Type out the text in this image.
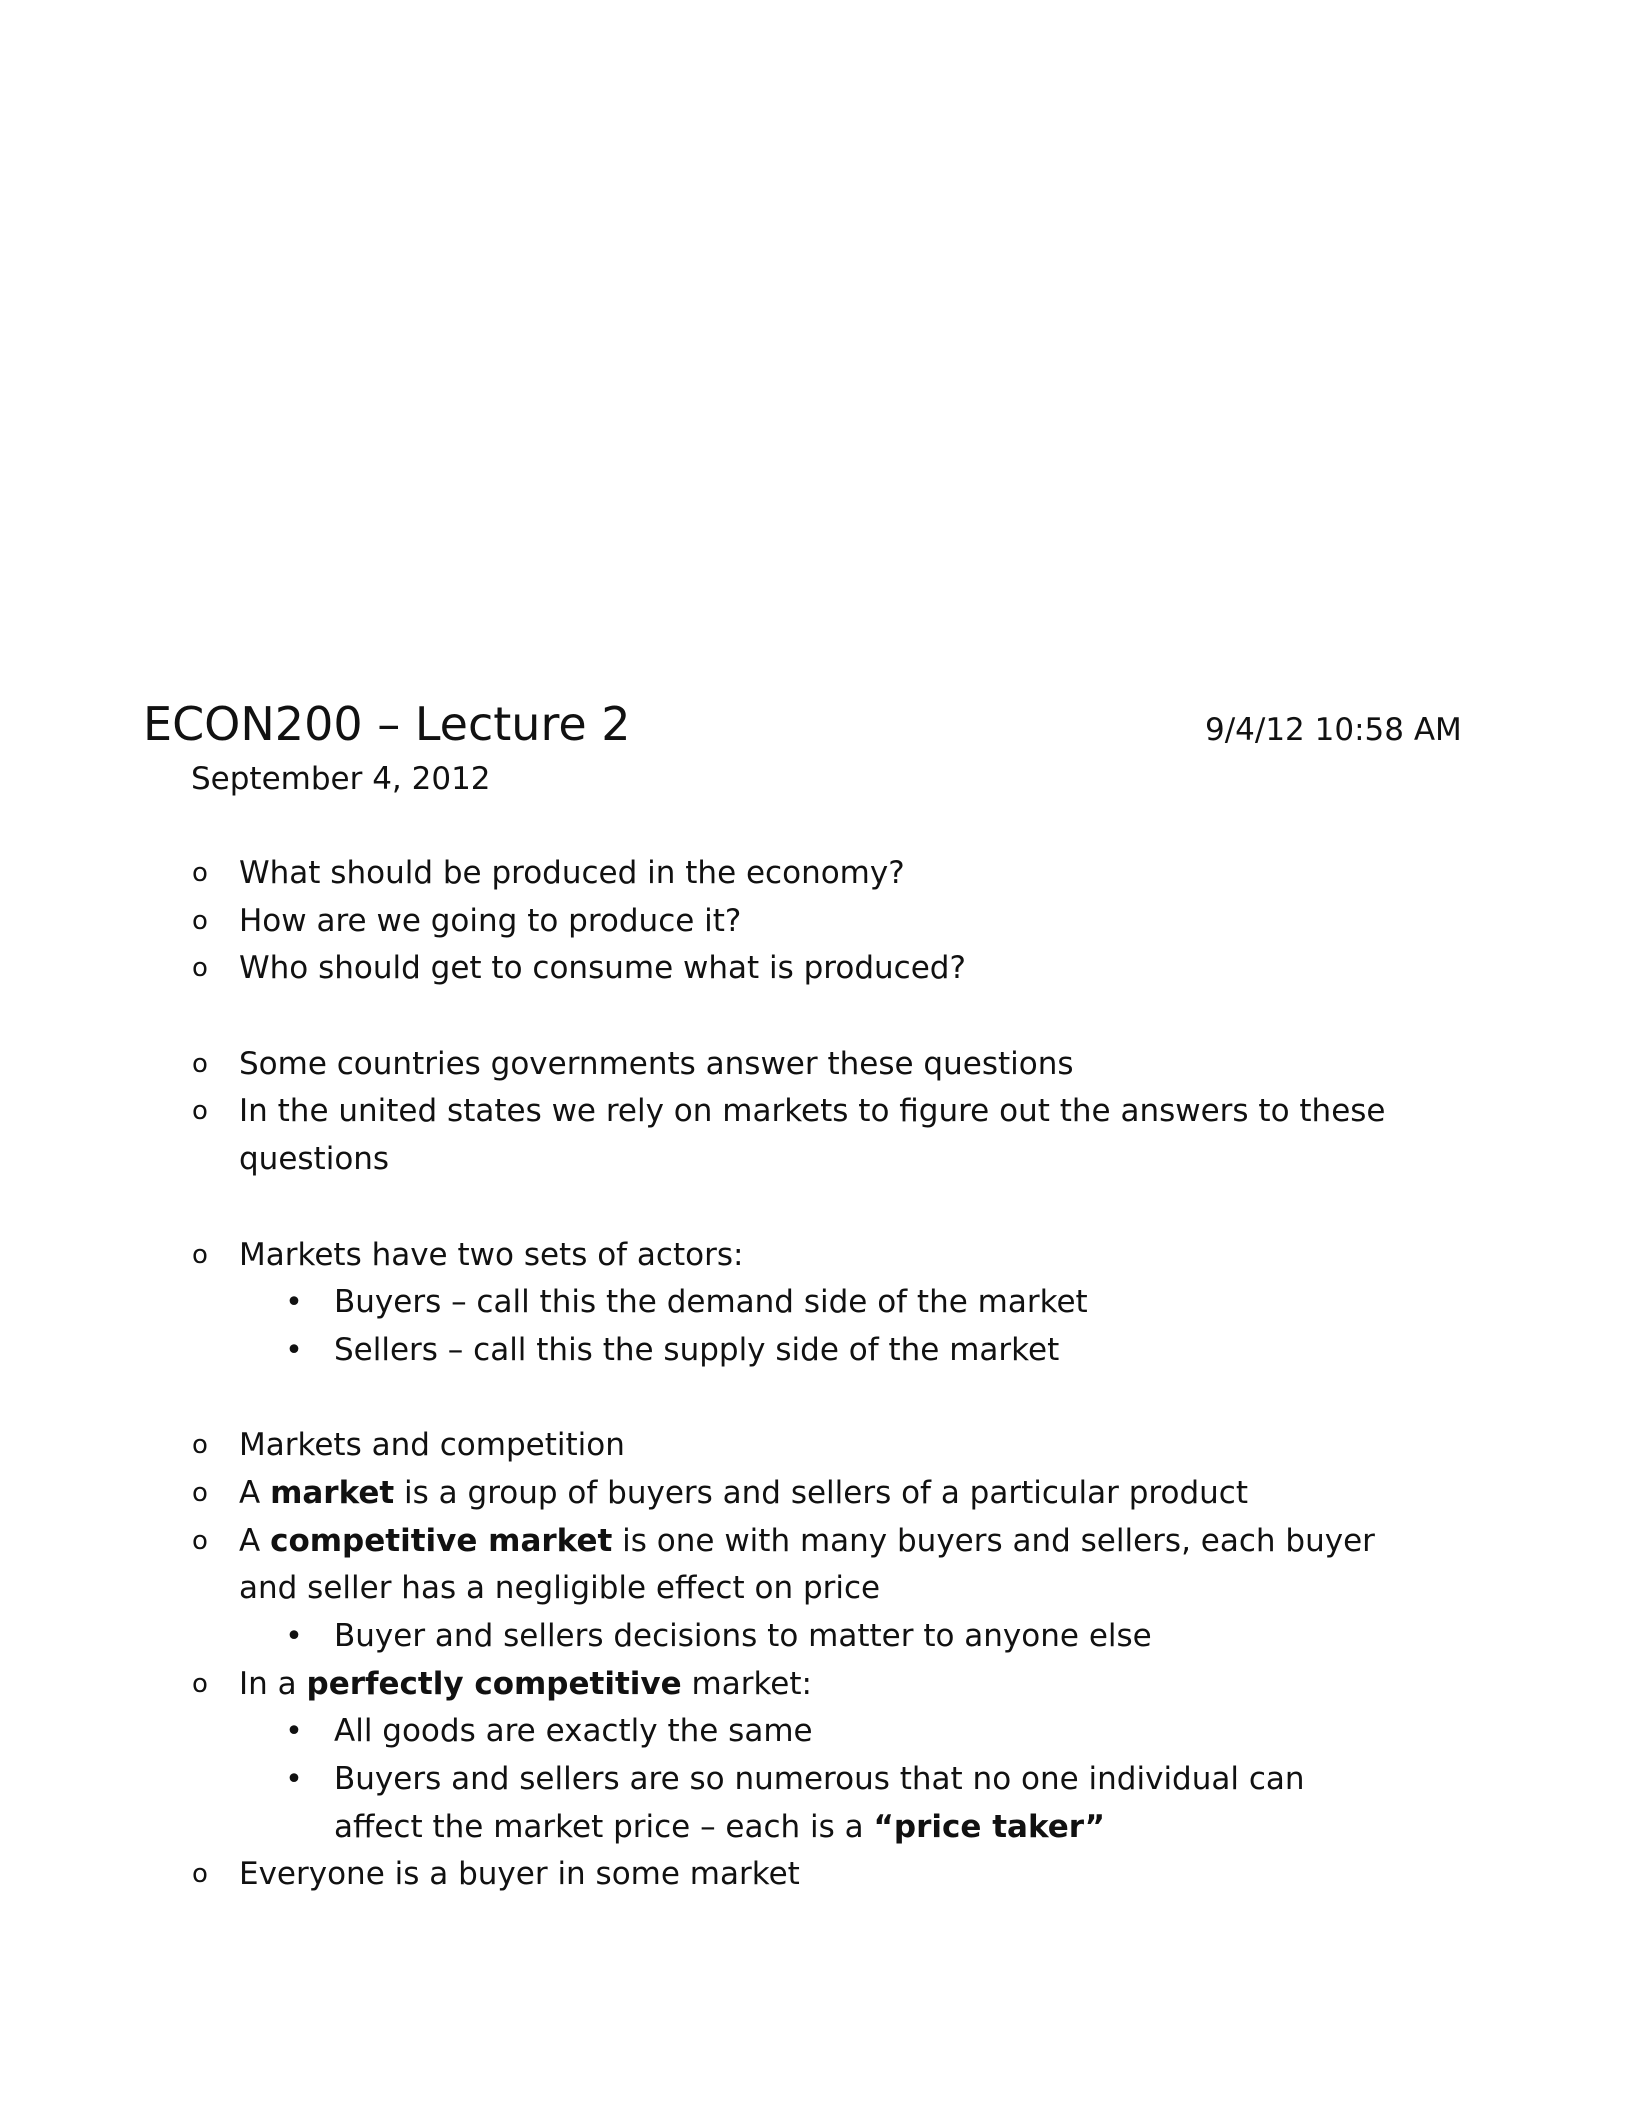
ECON200 – Lecture 2	9/4/12 10:58 AM
September 4, 2012
o What should be produced in the economy?
o How are we going to produce it?
o Who should get to consume what is produced?
o Some countries governments answer these questions
o In the united states we rely on markets to figure out the answers to these
questions
o Markets have two sets of actors:
• Buyers – call this the demand side of the market
• Sellers – call this the supply side of the market
o Markets and competition
o A market is a group of buyers and sellers of a particular product
o A competitive market is one with many buyers and sellers, each buyer
and seller has a negligible effect on price
• Buyer and sellers decisions to matter to anyone else
o In a perfectly competitive market:
• All goods are exactly the same
• Buyers and sellers are so numerous that no one individual can
affect the market price – each is a “price taker”
o Everyone is a buyer in some market
